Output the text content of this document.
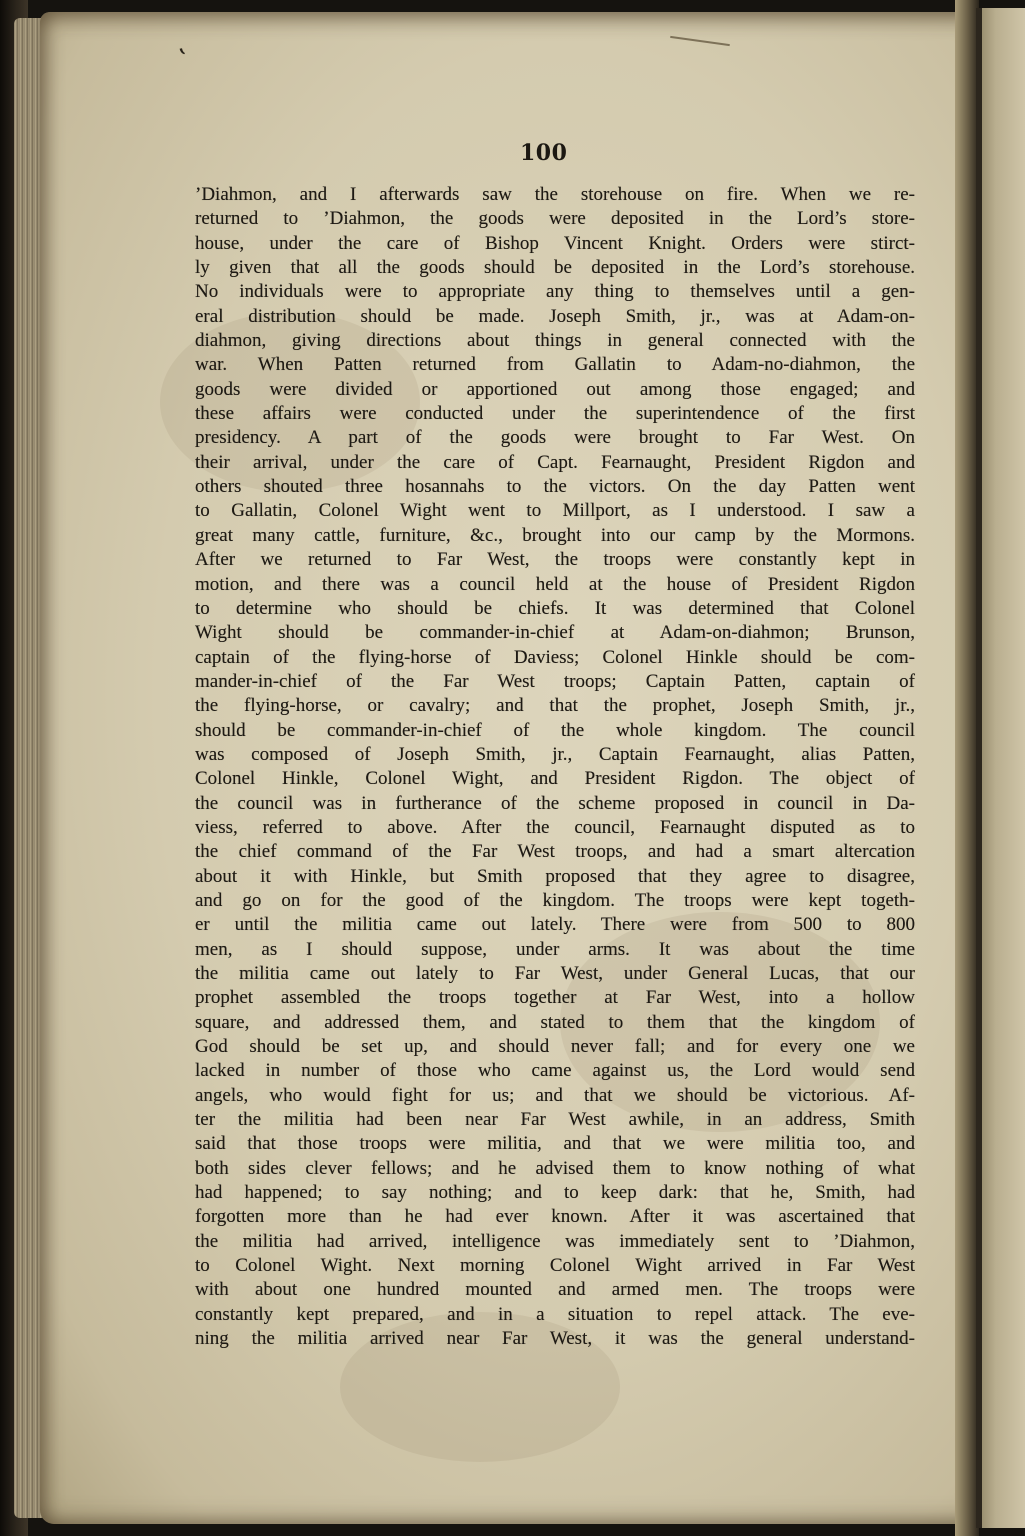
‛
100
’Diahmon, and I afterwards saw the storehouse on fire. When we re-
returned to ’Diahmon, the goods were deposited in the Lord’s store-
house, under the care of Bishop Vincent Knight. Orders were stirct-
ly given that all the goods should be deposited in the Lord’s storehouse.
No individuals were to appropriate any thing to themselves until a gen-
eral distribution should be made. Joseph Smith, jr., was at Adam-on-
diahmon, giving directions about things in general connected with the
war. When Patten returned from Gallatin to Adam-no-diahmon, the
goods were divided or apportioned out among those engaged; and
these affairs were conducted under the superintendence of the first
presidency. A part of the goods were brought to Far West. On
their arrival, under the care of Capt. Fearnaught, President Rigdon and
others shouted three hosannahs to the victors. On the day Patten went
to Gallatin, Colonel Wight went to Millport, as I understood. I saw a
great many cattle, furniture, &c., brought into our camp by the Mormons.
After we returned to Far West, the troops were constantly kept in
motion, and there was a council held at the house of President Rigdon
to determine who should be chiefs. It was determined that Colonel
Wight should be commander-in-chief at Adam-on-diahmon; Brunson,
captain of the flying-horse of Daviess; Colonel Hinkle should be com-
mander-in-chief of the Far West troops; Captain Patten, captain of
the flying-horse, or cavalry; and that the prophet, Joseph Smith, jr.,
should be commander-in-chief of the whole kingdom. The council
was composed of Joseph Smith, jr., Captain Fearnaught, alias Patten,
Colonel Hinkle, Colonel Wight, and President Rigdon. The object of
the council was in furtherance of the scheme proposed in council in Da-
viess, referred to above. After the council, Fearnaught disputed as to
the chief command of the Far West troops, and had a smart altercation
about it with Hinkle, but Smith proposed that they agree to disagree,
and go on for the good of the kingdom. The troops were kept togeth-
er until the militia came out lately. There were from 500 to 800
men, as I should suppose, under arms. It was about the time
the militia came out lately to Far West, under General Lucas, that our
prophet assembled the troops together at Far West, into a hollow
square, and addressed them, and stated to them that the kingdom of
God should be set up, and should never fall; and for every one we
lacked in number of those who came against us, the Lord would send
angels, who would fight for us; and that we should be victorious. Af-
ter the militia had been near Far West awhile, in an address, Smith
said that those troops were militia, and that we were militia too, and
both sides clever fellows; and he advised them to know nothing of what
had happened; to say nothing; and to keep dark: that he, Smith, had
forgotten more than he had ever known. After it was ascertained that
the militia had arrived, intelligence was immediately sent to ’Diahmon,
to Colonel Wight. Next morning Colonel Wight arrived in Far West
with about one hundred mounted and armed men. The troops were
constantly kept prepared, and in a situation to repel attack. The eve-
ning the militia arrived near Far West, it was the general understand-
